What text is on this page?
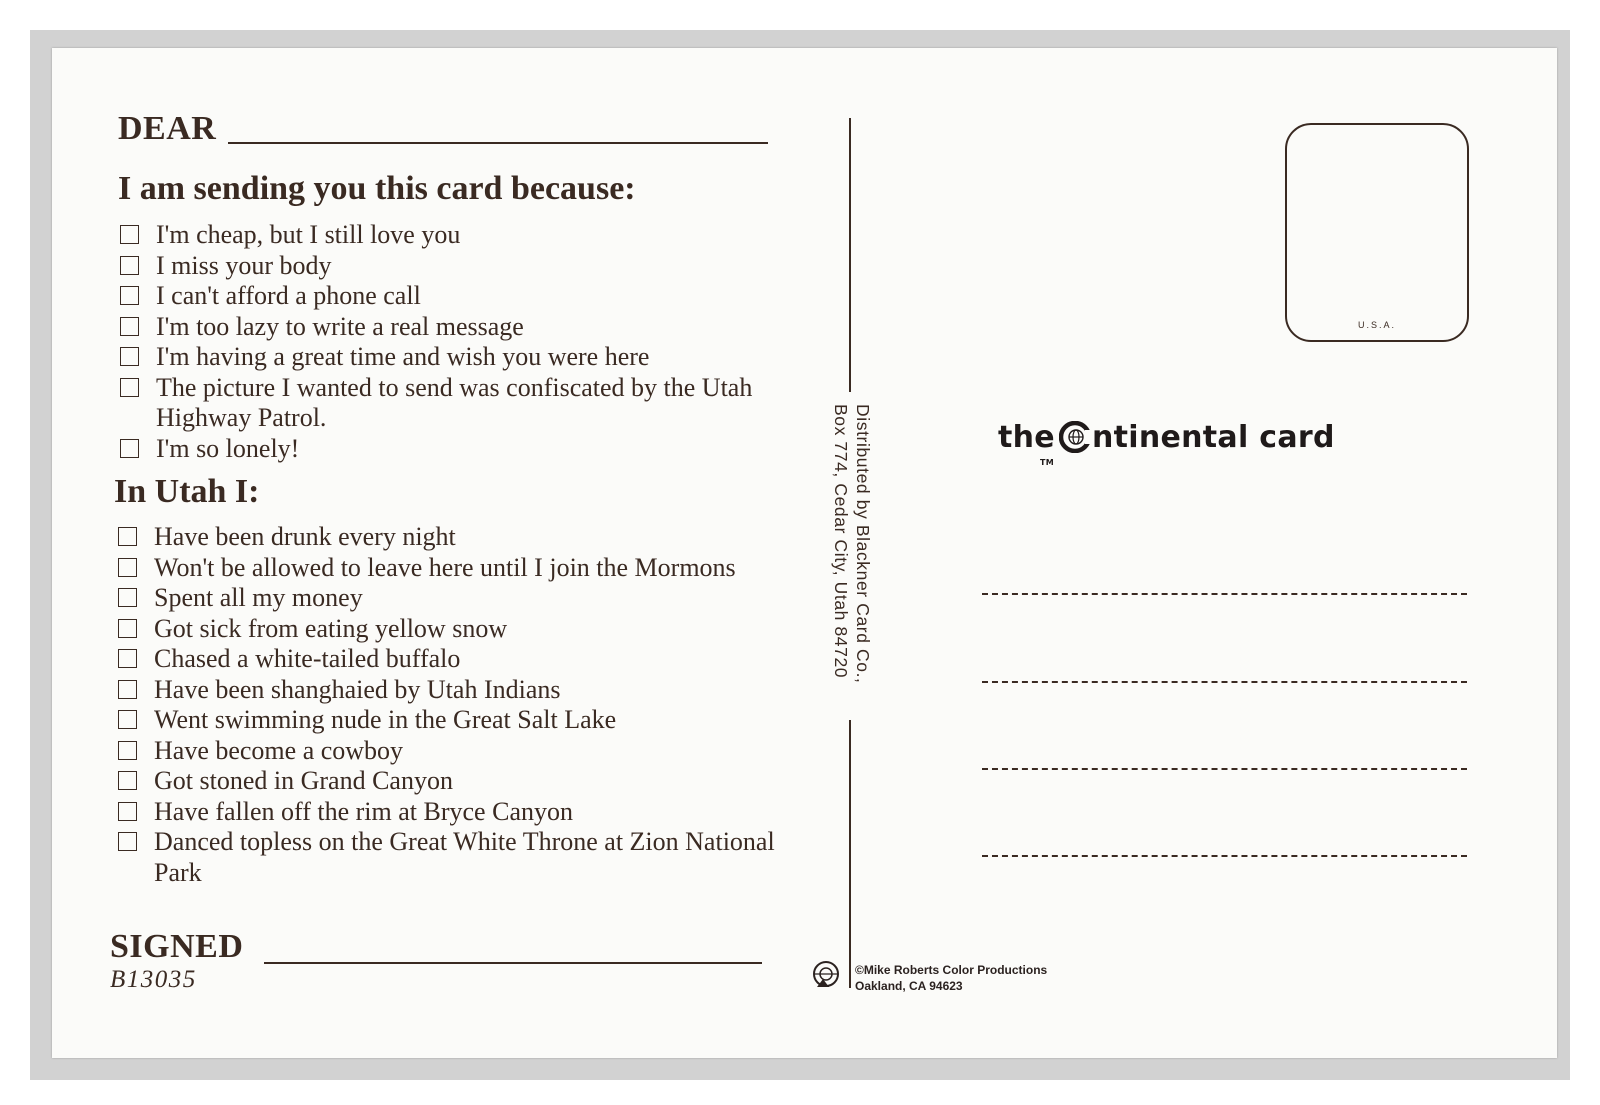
DEAR
I am sending you this card because:
I'm cheap, but I still love you
I miss your body
I can't afford a phone call
I'm too lazy to write a real message
I'm having a great time and wish you were here
The picture I wanted to send was confiscated by the Utah Highway Patrol.
I'm so lonely!
In Utah I:
Have been drunk every night
Won't be allowed to leave here until I join the Mormons
Spent all my money
Got sick from eating yellow snow
Chased a white-tailed buffalo
Have been shanghaied by Utah Indians
Went swimming nude in the Great Salt Lake
Have become a cowboy
Got stoned in Grand Canyon
Have fallen off the rim at Bryce Canyon
Danced topless on the Great White Throne at Zion National Park
SIGNED
B13035
Distributed by Blackner Card Co.,
Box 774, Cedar City, Utah 84720
U.S.A.
the ntinental card
TM
©Mike Roberts Color Productions
Oakland, CA 94623
